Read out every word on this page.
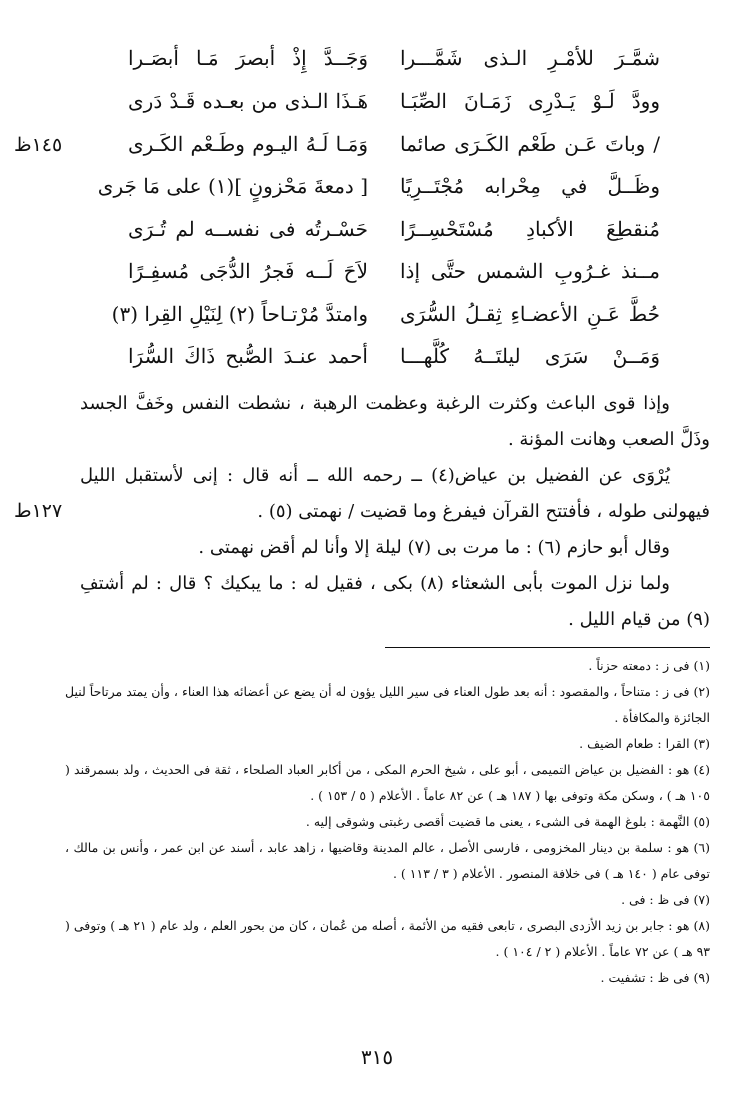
شمَّـرَ للأمْـرِ الـذى شَمَّـــرا
وَجَــدَّ إِذْ أبصرَ مَـا أبصَـرا
وودَّ لَـوْ يَـدْرِى زَمَـانَ الصِّبَـا
هَـذَا الـذى من بعـده قَـدْ دَرى
/ وباتَ عَـن طَعْم الكَـرَى صائما
وَمَـا لَـهُ اليـوم وطَـعْم الكَـرى
وظَــلَّ في مِحْرابه مُجْتَــرِيًا
[ دمعةَ مَحْزونٍ ](١) على مَا جَرى
مُنقطِعَ الأكبادِ مُسْتَحْسِــرًا
حَسْـرتُه فى نفســه لم تُـرَى
مــنذ غـرُوبِ الشمس حتَّى إذا
لاَحَ لَــه فَجرُ الدُّجَى مُسفِـرًا
حُطَّ عَـنِ الأعضـاءِ ثِقـلُ السُّرَى
وامتدَّ مُرْتـاحاً (٢) لِنَيْلِ القِرا (٣)
وَمَــنْ سَرَى ليلتَــهُ كُلَّهـــا
أحمد عنـدَ الصُّبح ذَاكَ السُّرَا
١٤٥ظ
١٢٧ط

وإذا قوى الباعث وكثرت الرغبة وعظمت الرهبة ، نشطت النفس وخَفَّ الجسد وذَلَّ الصعب وهانت المؤنة .

يُرْوَى عن الفضيل بن عياض(٤) ــ رحمه الله ــ أنه قال : إنى لأستقبل الليل فيهولنى طوله ، فأفتتح القرآن فيفرغ وما قضيت / نهمتى (٥) .

وقال أبو حازم (٦) : ما مرت بى (٧) ليلة إلا وأنا لم أقض نهمتى .

ولما نزل الموت بأبى الشعثاء (٨) بكى ، فقيل له : ما يبكيك ؟ قال : لم أشتفِ (٩) من قيام الليل .

(١) فى ز : دمعته حزناً .

(٢) فى ز : متناحاً ، والمقصود : أنه بعد طول العناء فى سير الليل يؤون له أن يضع عن أعضائه هذا العناء ، وأن يمتد مرتاحاً لنيل الجائزة والمكافأة .

(٣) القرا : طعام الضيف .

(٤) هو : الفضيل بن عياض التميمى ، أبو على ، شيخ الحرم المكى ، من أكابر العباد الصلحاء ، ثقة فى الحديث ، ولد بسمرقند ( ١٠٥ هـ ) ، وسكن مكة وتوفى بها ( ١٨٧ هـ ) عن ٨٢ عاماً . الأعلام ( ٥ / ١٥٣ ) .

(٥) النَّهمة : بلوغ الهمة فى الشىء ، يعنى ما قضيت أقصى رغبتى وشوقى إليه .

(٦) هو : سلمة بن دينار المخزومى ، فارسى الأصل ، عالم المدينة وقاضيها ، زاهد عابد ، أسند عن ابن عمر ، وأنس بن مالك ، توفى عام ( ١٤٠ هـ ) فى خلافة المنصور . الأعلام ( ٣ / ١١٣ ) .

(٧) فى ظ : فى .

(٨) هو : جابر بن زيد الأزدى البصرى ، تابعى فقيه من الأئمة ، أصله من عُمان ، كان من بحور العلم ، ولد عام ( ٢١ هـ ) وتوفى ( ٩٣ هـ ) عن ٧٢ عاماً . الأعلام ( ٢ / ١٠٤ ) .

(٩) فى ظ : تشفيت .

٣١٥
